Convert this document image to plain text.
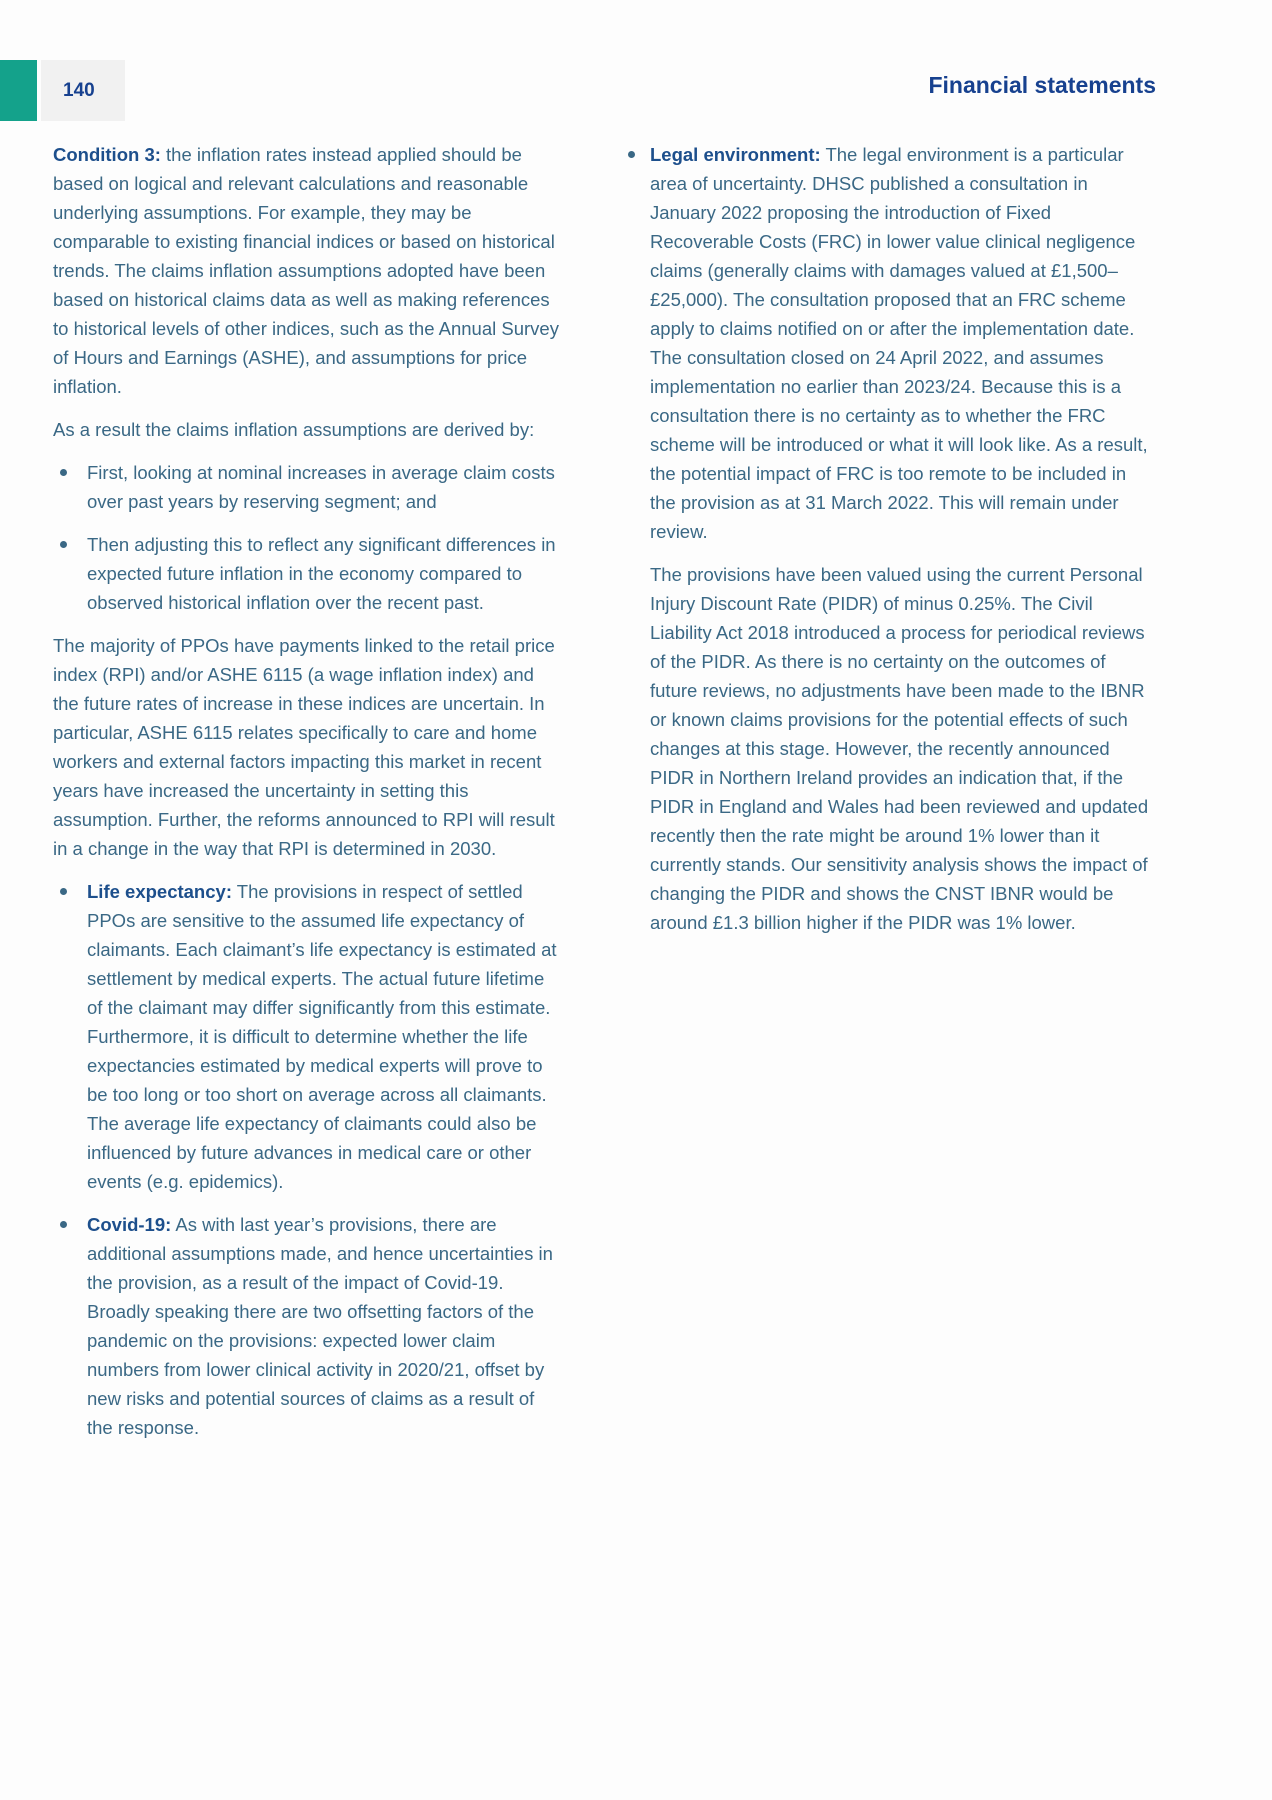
140	Financial statements

Condition 3: the inflation rates instead applied should be based on logical and relevant calculations and reasonable underlying assumptions. For example, they may be comparable to existing financial indices or based on historical trends. The claims inflation assumptions adopted have been based on historical claims data as well as making references to historical levels of other indices, such as the Annual Survey of Hours and Earnings (ASHE), and assumptions for price inflation.

As a result the claims inflation assumptions are derived by:

First, looking at nominal increases in average claim costs over past years by reserving segment; and
Then adjusting this to reflect any significant differences in expected future inflation in the economy compared to observed historical inflation over the recent past.

The majority of PPOs have payments linked to the retail price index (RPI) and/or ASHE 6115 (a wage inflation index) and the future rates of increase in these indices are uncertain. In particular, ASHE 6115 relates specifically to care and home workers and external factors impacting this market in recent years have increased the uncertainty in setting this assumption. Further, the reforms announced to RPI will result in a change in the way that RPI is determined in 2030.

Life expectancy: The provisions in respect of settled PPOs are sensitive to the assumed life expectancy of claimants. Each claimant’s life expectancy is estimated at settlement by medical experts. The actual future lifetime of the claimant may differ significantly from this estimate. Furthermore, it is difficult to determine whether the life expectancies estimated by medical experts will prove to be too long or too short on average across all claimants. The average life expectancy of claimants could also be influenced by future advances in medical care or other events (e.g. epidemics).
Covid-19: As with last year’s provisions, there are additional assumptions made, and hence uncertainties in the provision, as a result of the impact of Covid-19. Broadly speaking there are two offsetting factors of the pandemic on the provisions: expected lower claim numbers from lower clinical activity in 2020/21, offset by new risks and potential sources of claims as a result of the response.
Legal environment: The legal environment is a particular area of uncertainty. DHSC published a consultation in January 2022 proposing the introduction of Fixed Recoverable Costs (FRC) in lower value clinical negligence claims (generally claims with damages valued at £1,500–£25,000). The consultation proposed that an FRC scheme apply to claims notified on or after the implementation date. The consultation closed on 24 April 2022, and assumes implementation no earlier than 2023/24. Because this is a consultation there is no certainty as to whether the FRC scheme will be introduced or what it will look like. As a result, the potential impact of FRC is too remote to be included in the provision as at 31 March 2022. This will remain under review.

The provisions have been valued using the current Personal Injury Discount Rate (PIDR) of minus 0.25%. The Civil Liability Act 2018 introduced a process for periodical reviews of the PIDR. As there is no certainty on the outcomes of future reviews, no adjustments have been made to the IBNR or known claims provisions for the potential effects of such changes at this stage. However, the recently announced PIDR in Northern Ireland provides an indication that, if the PIDR in England and Wales had been reviewed and updated recently then the rate might be around 1% lower than it currently stands. Our sensitivity analysis shows the impact of changing the PIDR and shows the CNST IBNR would be around £1.3 billion higher if the PIDR was 1% lower.
